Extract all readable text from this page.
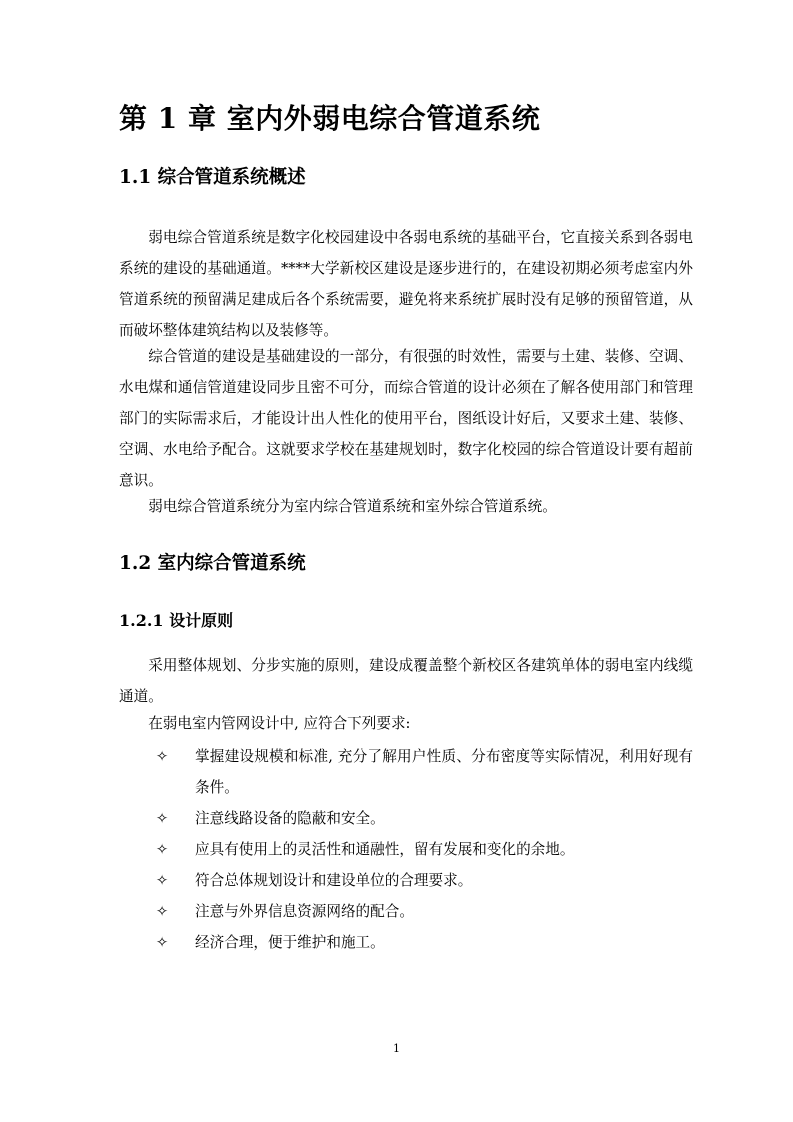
第 1 章 室内外弱电综合管道系统
1.1 综合管道系统概述

弱电综合管道系统是数字化校园建设中各弱电系统的基础平台，它直接关系到各弱电系统的建设的基础通道。****大学新校区建设是逐步进行的，在建设初期必须考虑室内外管道系统的预留满足建成后各个系统需要，避免将来系统扩展时没有足够的预留管道，从而破坏整体建筑结构以及装修等。

综合管道的建设是基础建设的一部分，有很强的时效性，需要与土建、装修、空调、水电煤和通信管道建设同步且密不可分，而综合管道的设计必须在了解各使用部门和管理部门的实际需求后，才能设计出人性化的使用平台，图纸设计好后，又要求土建、装修、空调、水电给予配合。这就要求学校在基建规划时，数字化校园的综合管道设计要有超前意识。

弱电综合管道系统分为室内综合管道系统和室外综合管道系统。

1.2 室内综合管道系统
1.2.1 设计原则

采用整体规划、分步实施的原则，建设成覆盖整个新校区各建筑单体的弱电室内线缆通道。

在弱电室内管网设计中, 应符合下列要求:

✧	掌握建设规模和标准, 充分了解用户性质、分布密度等实际情况，利用好现有条件。
✧	注意线路设备的隐蔽和安全。
✧	应具有使用上的灵活性和通融性，留有发展和变化的余地。
✧	符合总体规划设计和建设单位的合理要求。
✧	注意与外界信息资源网络的配合。
✧	经济合理，便于维护和施工。
1
